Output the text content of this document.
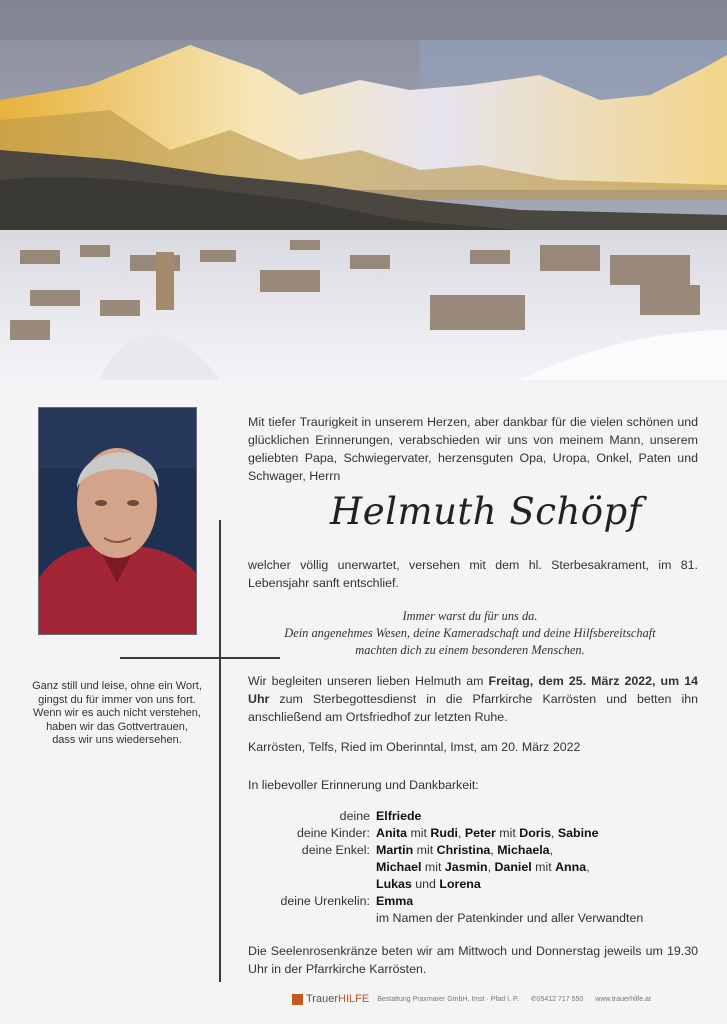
Ganz still und leise, ohne ein Wort,
gingst du für immer von uns fort.
Wenn wir es auch nicht verstehen,
haben wir das Gottvertrauen,
dass wir uns wiedersehen.
Mit tiefer Traurigkeit in unserem Herzen, aber dankbar für die vielen schönen und glücklichen Erinnerungen, verabschieden wir uns von meinem Mann, unserem geliebten Papa, Schwiegervater, herzensguten Opa, Uropa, Onkel, Paten und Schwager, Herrn
Helmuth Schöpf
welcher völlig unerwartet, versehen mit dem hl. Sterbesakrament, im 81. Lebensjahr sanft entschlief.
Immer warst du für uns da.
Dein angenehmes Wesen, deine Kameradschaft und deine Hilfsbereitschaft
machten dich zu einem besonderen Menschen.
Wir begleiten unseren lieben Helmuth am Freitag, dem 25. März 2022, um 14 Uhr zum Sterbegottesdienst in die Pfarrkirche Karrösten und betten ihn anschließend am Ortsfriedhof zur letzten Ruhe.
Karrösten, Telfs, Ried im Oberinntal, Imst, am 20. März 2022
In liebevoller Erinnerung und Dankbarkeit:
deine Elfriede
deine Kinder: Anita mit Rudi, Peter mit Doris, Sabine
deine Enkel: Martin mit Christina, Michaela,
Michael mit Jasmin, Daniel mit Anna,
Lukas und Lorena
deine Urenkelin: Emma
im Namen der Patenkinder und aller Verwandten
Die Seelenrosenkränze beten wir am Mittwoch und Donnerstag jeweils um 19.30 Uhr in der Pfarrkirche Karrösten.
TrauerHILFE Bestattung Praxmarer GmbH, Imst · Pfad I. P. ✆ 05412 717 550 www.trauerhilfe.at
